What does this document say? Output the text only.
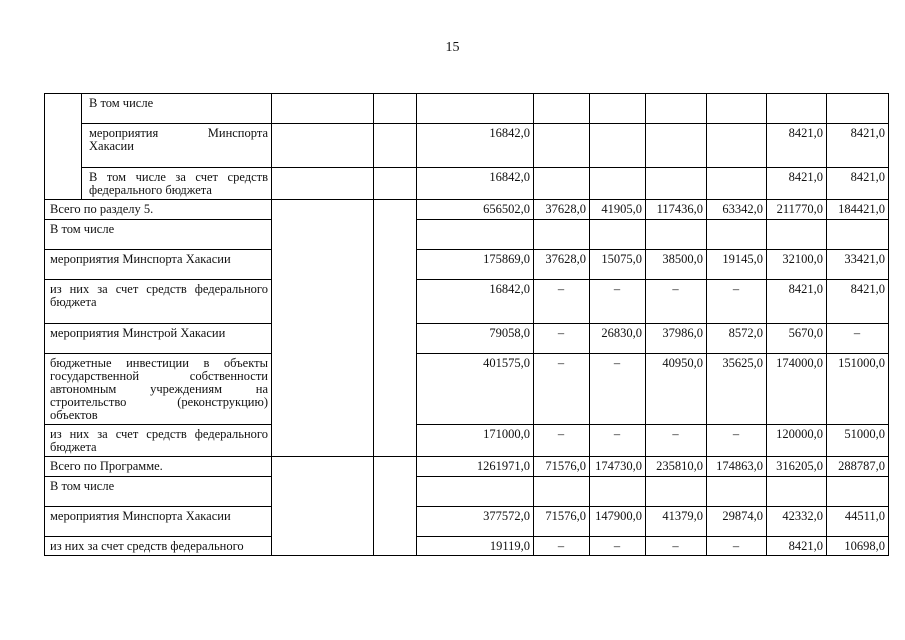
15
	В том числе									
	мероприятия Минспорта Хакасии			16842,0					8421,0	8421,0
	В том числе за счет средств федерального бюджета			16842,0					8421,0	8421,0
Всего по разделу 5.				656502,0	37628,0	41905,0	117436,0	63342,0	211770,0	184421,0
В том числе										
мероприятия Минспорта Хакасии				175869,0	37628,0	15075,0	38500,0	19145,0	32100,0	33421,0
из них за счет средств федерального бюджета				16842,0	–	–	–	–	8421,0	8421,0
мероприятия Минстрой Хакасии				79058,0	–	26830,0	37986,0	8572,0	5670,0	–
бюджетные инвестиции в объекты государственной собственности автономным учреждениям на строительство (реконструкцию) объектов				401575,0	–	–	40950,0	35625,0	174000,0	151000,0
из них за счет средств федерального бюджета				171000,0	–	–	–	–	120000,0	51000,0
Всего по Программе.				1261971,0	71576,0	174730,0	235810,0	174863,0	316205,0	288787,0
В том числе										
мероприятия Минспорта Хакасии				377572,0	71576,0	147900,0	41379,0	29874,0	42332,0	44511,0
из них за счет средств федерального				19119,0	–	–	–	–	8421,0	10698,0
